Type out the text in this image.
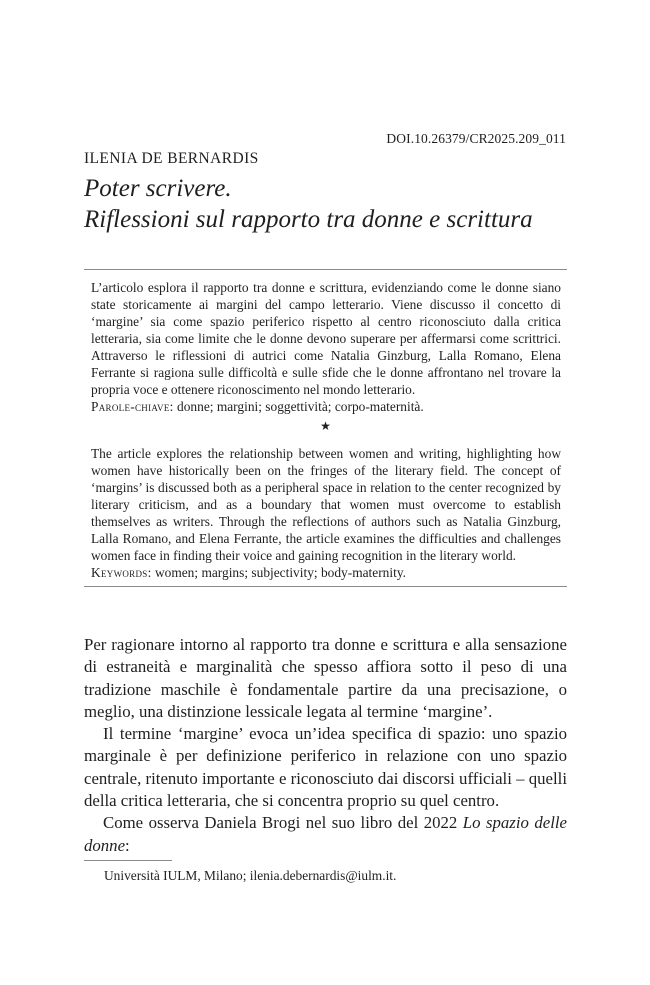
DOI.10.26379/CR2025.209_011
ILENIA DE BERNARDIS
Poter scrivere.
Riflessioni sul rapporto tra donne e scrittura

L’articolo esplora il rapporto tra donne e scrittura, evidenziando come le donne siano state storicamente ai margini del campo letterario. Viene discusso il concetto di ‘margine’ sia come spazio periferico rispetto al centro riconosciuto dalla critica letteraria, sia come limite che le donne devono superare per affermarsi come scrittrici. Attraverso le riflessioni di autrici come Natalia Ginzburg, Lalla Romano, Elena Ferrante si ragiona sulle difficoltà e sulle sfide che le donne affrontano nel trovare la propria voce e ottenere riconoscimento nel mondo letterario.

Parole-chiave: donne; margini; soggettività; corpo-maternità.
★

The article explores the relationship between women and writing, highlighting how women have historically been on the fringes of the literary field. The concept of ‘margins’ is discussed both as a peripheral space in relation to the center recognized by literary criticism, and as a boundary that women must overcome to establish themselves as writers. Through the reflections of authors such as Natalia Ginzburg, Lalla Romano, and Elena Ferrante, the article examines the difficulties and challenges women face in finding their voice and gaining recognition in the literary world.

Keywords: women; margins; subjectivity; body-maternity.

Per ragionare intorno al rapporto tra donne e scrittura e alla sensazione di estraneità e marginalità che spesso affiora sotto il peso di una tradizione maschile è fondamentale partire da una precisazione, o meglio, una distinzione lessicale legata al termine ‘margine’.

Il termine ‘margine’ evoca un’idea specifica di spazio: uno spazio marginale è per definizione periferico in relazione con uno spazio centrale, ritenuto importante e riconosciuto dai discorsi ufficiali – quelli della critica letteraria, che si concentra proprio su quel centro.

Come osserva Daniela Brogi nel suo libro del 2022 Lo spazio delle donne:

Università IULM, Milano; ilenia.debernardis@iulm.it.
